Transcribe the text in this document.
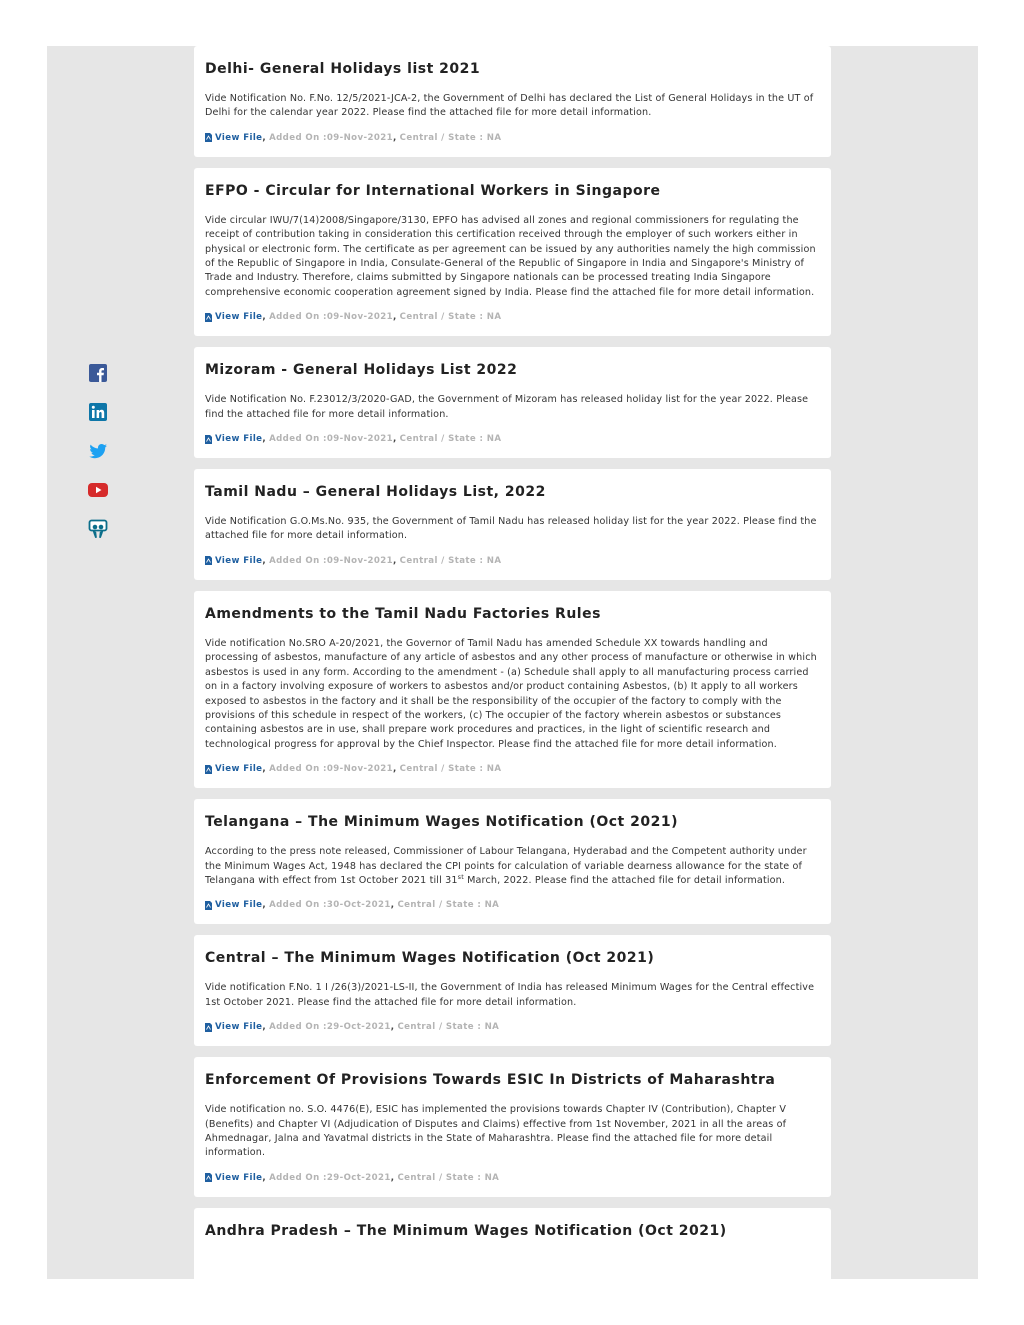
Delhi- General Holidays list 2021
Vide Notification No. F.No. 12/5/2021-JCA-2, the Government of Delhi has declared the List of General Holidays in the UT of Delhi for the calendar year 2022. Please find the attached file for more detail information.
View File , Added On :09-Nov-2021 , Central / State : NA
EFPO - Circular for International Workers in Singapore
Vide circular IWU/7(14)2008/Singapore/3130, EPFO has advised all zones and regional commissioners for regulating the receipt of contribution taking in consideration this certification received through the employer of such workers either in physical or electronic form. The certificate as per agreement can be issued by any authorities namely the high commission of the Republic of Singapore in India, Consulate-General of the Republic of Singapore in India and Singapore's Ministry of Trade and Industry. Therefore, claims submitted by Singapore nationals can be processed treating India Singapore comprehensive economic cooperation agreement signed by India. Please find the attached file for more detail information.
View File , Added On :09-Nov-2021 , Central / State : NA
Mizoram - General Holidays List 2022
Vide Notification No. F.23012/3/2020-GAD, the Government of Mizoram has released holiday list for the year 2022. Please find the attached file for more detail information.
View File , Added On :09-Nov-2021 , Central / State : NA
Tamil Nadu – General Holidays List, 2022
Vide Notification G.O.Ms.No. 935, the Government of Tamil Nadu has released holiday list for the year 2022. Please find the attached file for more detail information.
View File , Added On :09-Nov-2021 , Central / State : NA
Amendments to the Tamil Nadu Factories Rules
Vide notification No.SRO A-20/2021, the Governor of Tamil Nadu has amended Schedule XX towards handling and processing of asbestos, manufacture of any article of asbestos and any other process of manufacture or otherwise in which asbestos is used in any form. According to the amendment - (a) Schedule shall apply to all manufacturing process carried on in a factory involving exposure of workers to asbestos and/or product containing Asbestos, (b) It apply to all workers exposed to asbestos in the factory and it shall be the responsibility of the occupier of the factory to comply with the provisions of this schedule in respect of the workers, (c) The occupier of the factory wherein asbestos or substances containing asbestos are in use, shall prepare work procedures and practices, in the light of scientific research and technological progress for approval by the Chief Inspector. Please find the attached file for more detail information.
View File , Added On :09-Nov-2021 , Central / State : NA
Telangana – The Minimum Wages Notification (Oct 2021)
According to the press note released, Commissioner of Labour Telangana, Hyderabad and the Competent authority under the Minimum Wages Act, 1948 has declared the CPI points for calculation of variable dearness allowance for the state of Telangana with effect from 1st October 2021 till 31st March, 2022. Please find the attached file for detail information.
View File , Added On :30-Oct-2021 , Central / State : NA
Central – The Minimum Wages Notification (Oct 2021)
Vide notification F.No. 1 I /26(3)/2021-LS-II, the Government of India has released Minimum Wages for the Central effective 1st October 2021. Please find the attached file for more detail information.
View File , Added On :29-Oct-2021 , Central / State : NA
Enforcement Of Provisions Towards ESIC In Districts of Maharashtra
Vide notification no. S.O. 4476(E), ESIC has implemented the provisions towards Chapter IV (Contribution), Chapter V (Benefits) and Chapter VI (Adjudication of Disputes and Claims) effective from 1st November, 2021 in all the areas of Ahmednagar, Jalna and Yavatmal districts in the State of Maharashtra. Please find the attached file for more detail information.
View File , Added On :29-Oct-2021 , Central / State : NA
Andhra Pradesh – The Minimum Wages Notification (Oct 2021)
